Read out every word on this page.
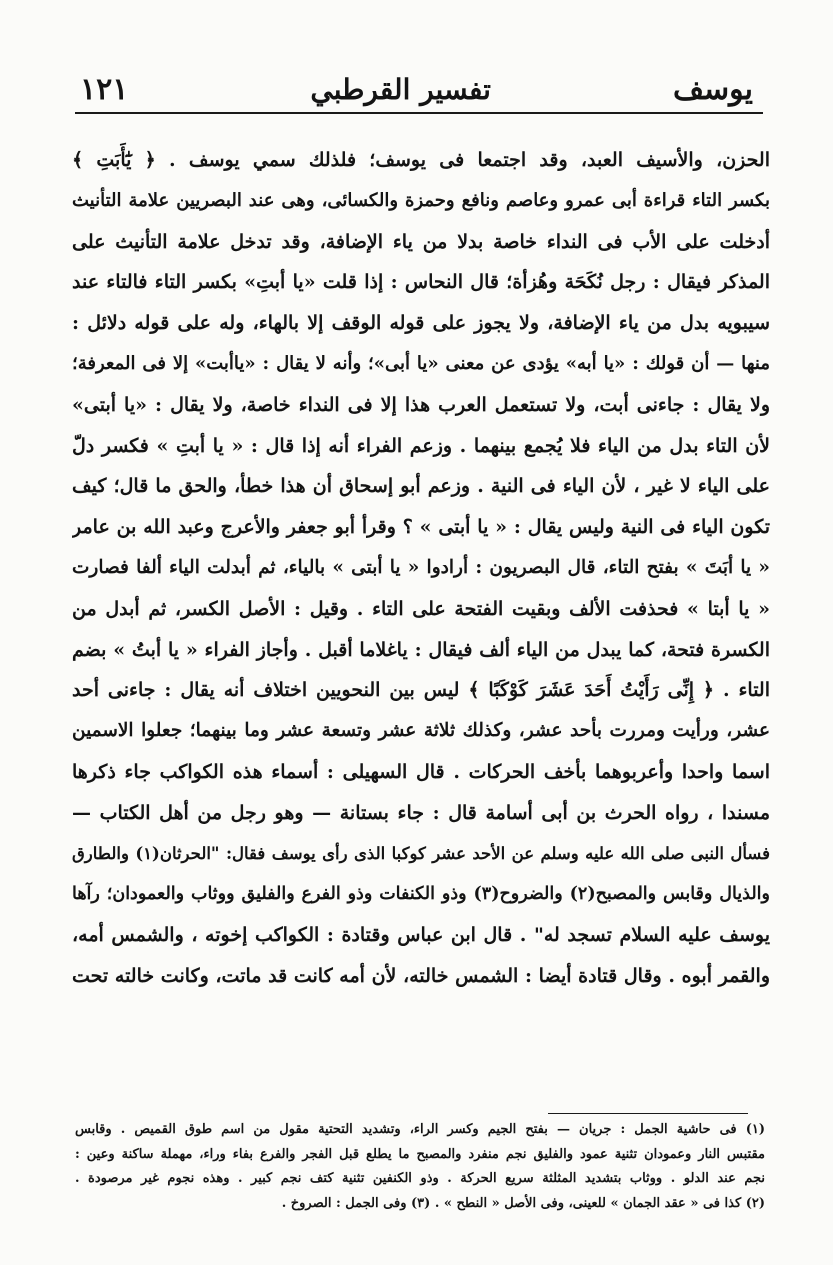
يوسف
تفسير القرطبي
١٢١
الحزن، والأسيف العبد، وقد اجتمعا فى يوسف؛ فلذلك سمي يوسف . ﴿ يَٰٓأَبَتِ ﴾
بكسر التاء قراءة أبى عمرو وعاصم ونافع وحمزة والكسائى، وهى عند البصريين علامة التأنيث
أدخلت على الأب فى النداء خاصة بدلا من ياء الإضافة، وقد تدخل علامة التأنيث على
المذكر فيقال : رجل نُكَحَة وهُزأة؛ قال النحاس : إذا قلت «يا أبتِ» بكسر التاء فالتاء عند
سيبويه بدل من ياء الإضافة، ولا يجوز على قوله الوقف إلا بالهاء، وله على قوله دلائل :
منها — أن قولك : «يا أبه» يؤدى عن معنى «يا أبى»؛ وأنه لا يقال : «ياأبت» إلا فى المعرفة؛
ولا يقال : جاءنى أبت، ولا تستعمل العرب هذا إلا فى النداء خاصة، ولا يقال : «يا أبتى»
لأن التاء بدل من الياء فلا يُجمع بينهما . وزعم الفراء أنه إذا قال : « يا أبتِ » فكسر دلّ
على الياء لا غير ، لأن الياء فى النية . وزعم أبو إسحاق أن هذا خطأ، والحق ما قال؛ كيف
تكون الياء فى النية وليس يقال : « يا أبتى » ؟ وقرأ أبو جعفر والأعرج وعبد الله بن عامر
« يا أبَتَ » بفتح التاء، قال البصريون : أرادوا « يا أبتى » بالياء، ثم أبدلت الياء ألفا فصارت
« يا أبتا » فحذفت الألف وبقيت الفتحة على التاء . وقيل : الأصل الكسر، ثم أبدل من
الكسرة فتحة، كما يبدل من الياء ألف فيقال : ياغلاما أقبل . وأجاز الفراء « يا أبتُ » بضم
التاء . ﴿ إِنِّى رَأَيْتُ أَحَدَ عَشَرَ كَوْكَبًا ﴾ ليس بين النحويين اختلاف أنه يقال : جاءنى أحد
عشر، ورأيت ومررت بأحد عشر، وكذلك ثلاثة عشر وتسعة عشر وما بينهما؛ جعلوا الاسمين
اسما واحدا وأعربوهما بأخف الحركات . قال السهيلى : أسماء هذه الكواكب جاء ذكرها
مسندا ، رواه الحرث بن أبى أسامة قال : جاء بستانة — وهو رجل من أهل الكتاب —
فسأل النبى صلى الله عليه وسلم عن الأحد عشر كوكبا الذى رأى يوسف فقال: "الحرثان(١) والطارق
والذيال وقابس والمصبح(٢) والضروح(٣) وذو الكنفات وذو الفرع والفليق ووثاب والعمودان؛ رآها
يوسف عليه السلام تسجد له" . قال ابن عباس وقتادة : الكواكب إخوته ، والشمس أمه،
والقمر أبوه . وقال قتادة أيضا : الشمس خالته، لأن أمه كانت قد ماتت، وكانت خالته تحت
(١) فى حاشية الجمل : جريان — بفتح الجيم وكسر الراء، وتشديد التحتية مقول من اسم طوق القميص . وقابس
مقتبس النار وعمودان تثنية عمود والفليق نجم منفرد والمصبح ما يطلع قبل الفجر والفرع بفاء وراء، مهملة ساكنة وعين :
نجم عند الدلو . ووثاب بتشديد المثلثة سريع الحركة . وذو الكنفين تثنية كتف نجم كبير . وهذه نجوم غير مرصودة .
(٢) كذا فى « عقد الجمان » للعينى، وفى الأصل « النطح » . (٣) وفى الجمل : الصروخ .
